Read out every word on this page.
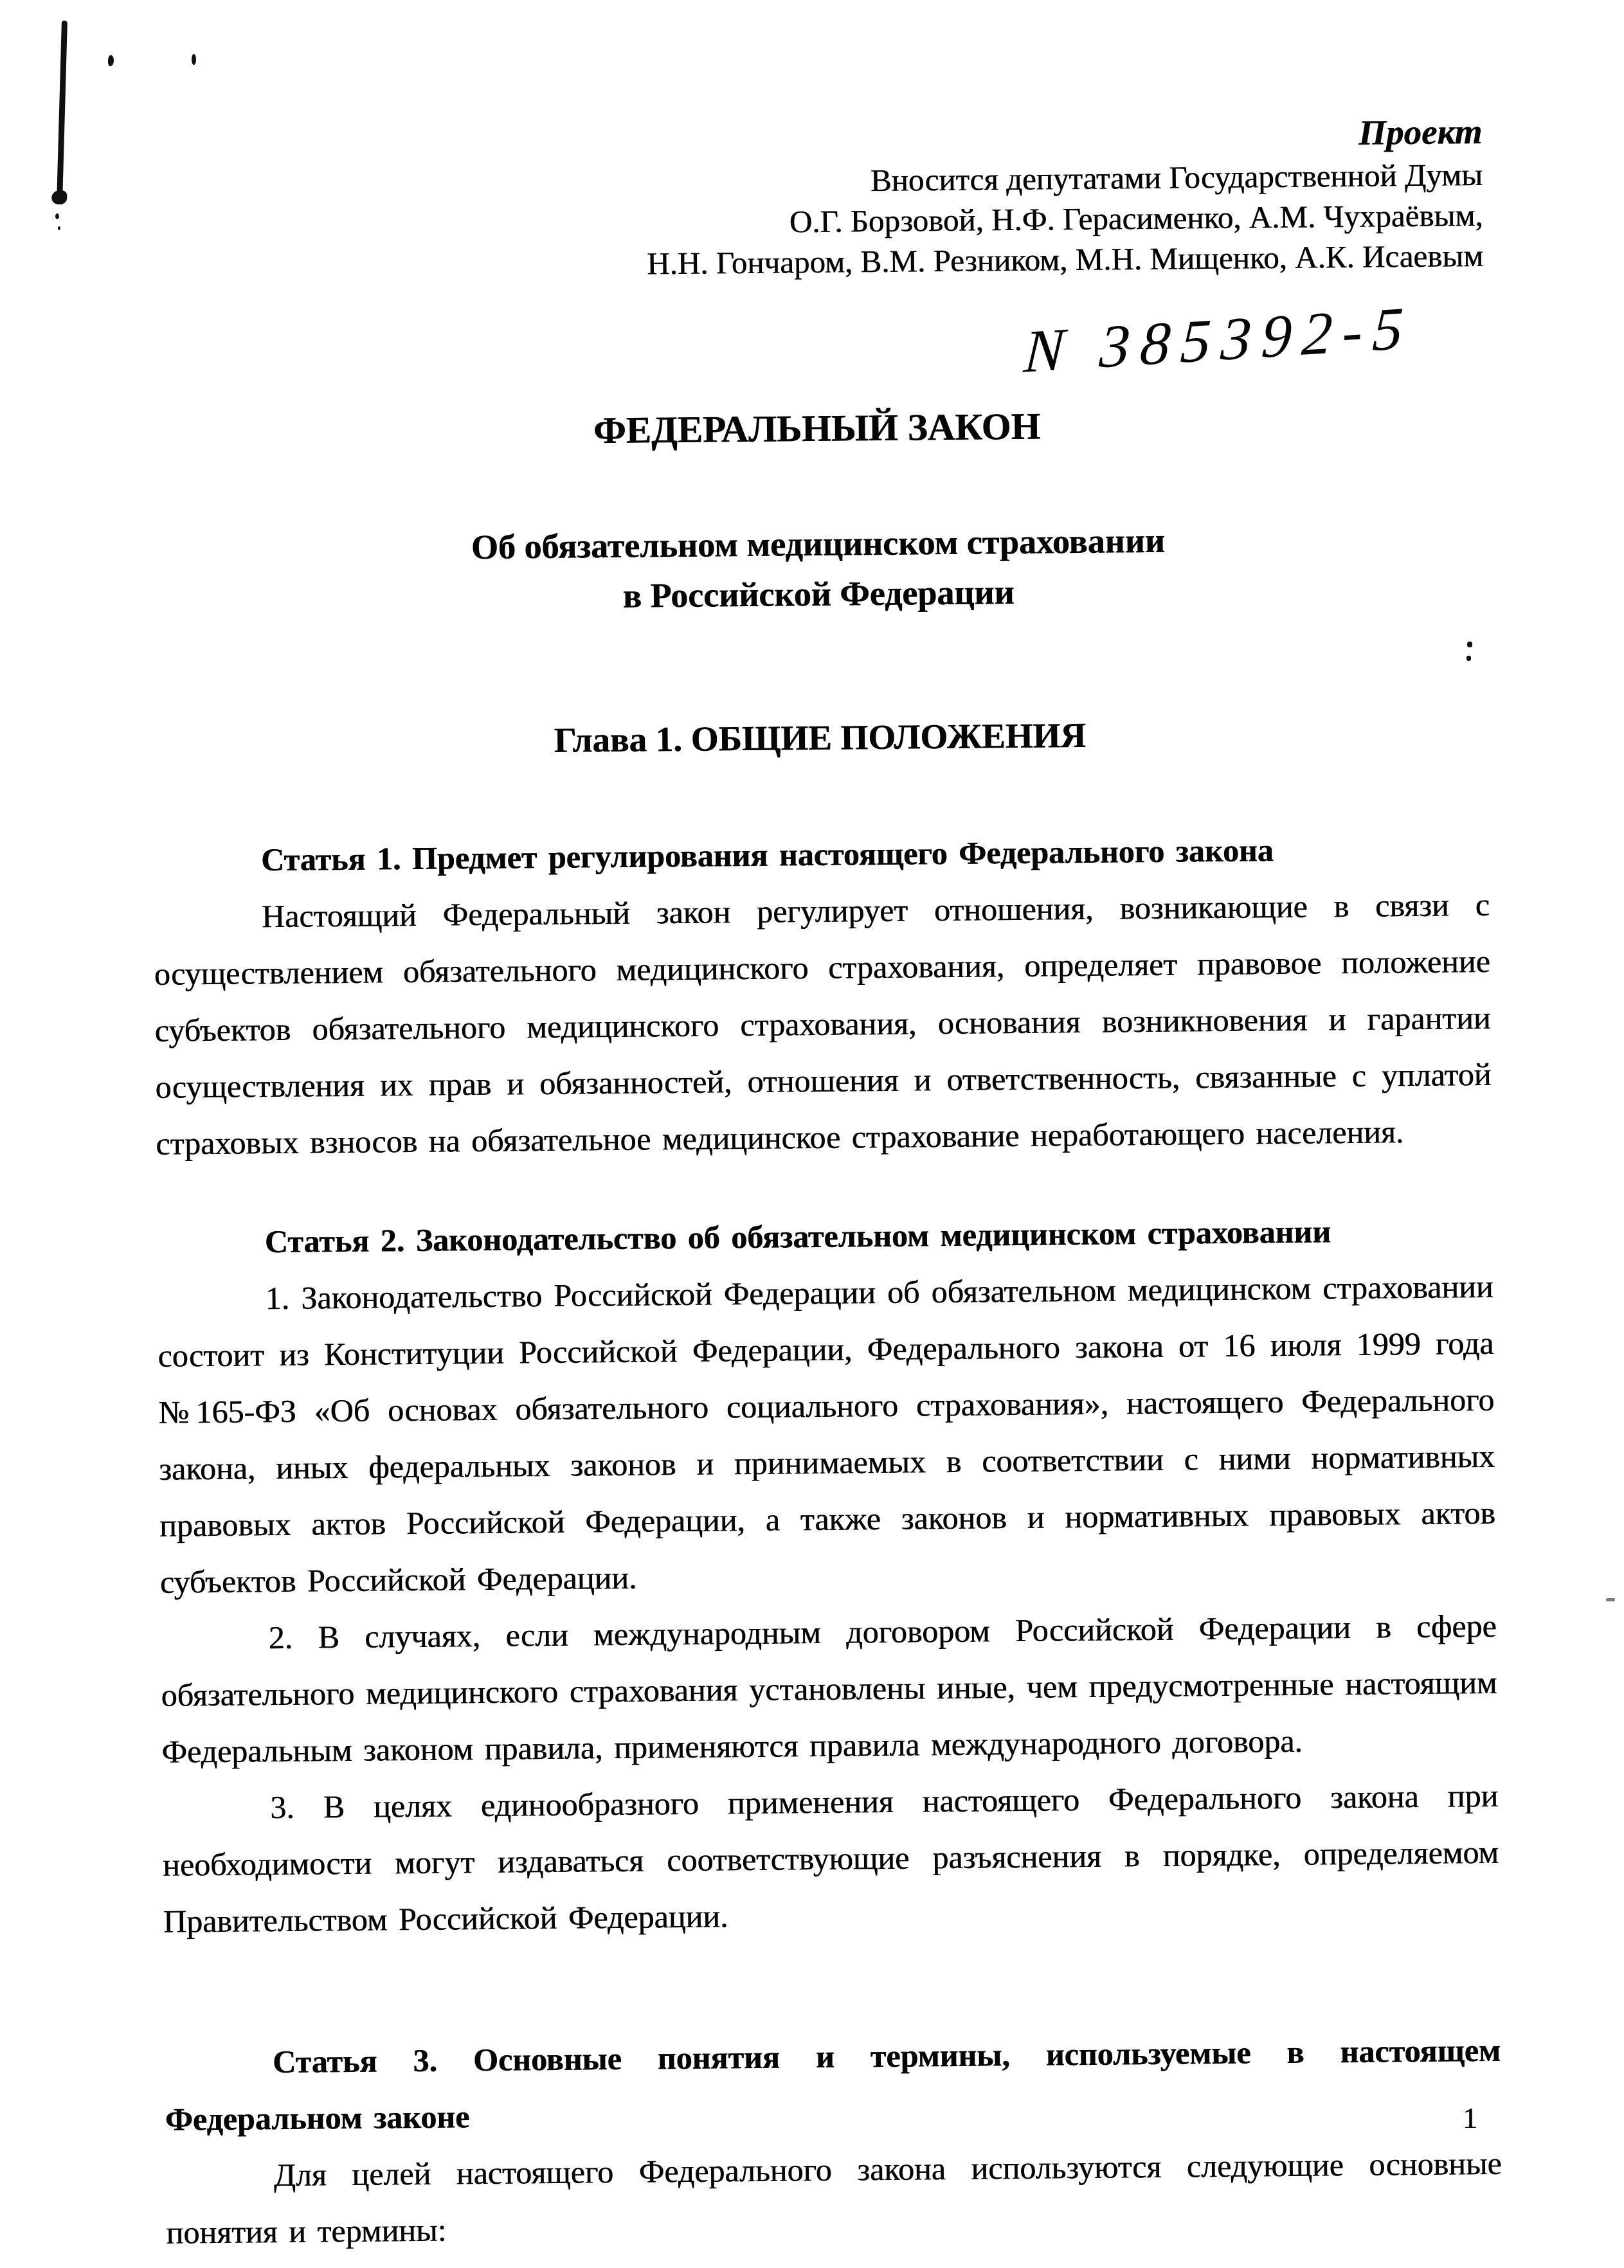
Проект
Вносится депутатами Государственной Думы
О.Г. Борзовой, Н.Ф. Герасименко, А.М. Чухраёвым,
Н.Н. Гончаром, В.М. Резником, М.Н. Мищенко, А.К. Исаевым
N 385392-5
ФЕДЕРАЛЬНЫЙ ЗАКОН
Об обязательном медицинском страховании
в Российской Федерации
Глава 1. ОБЩИЕ ПОЛОЖЕНИЯ

Статья 1. Предмет регулирования настоящего Федерального закона

Настоящий Федеральный закон регулирует отношения, возникающие в связи с осуществлением обязательного медицинского страхования, определяет правовое положение субъектов обязательного медицинского страхования, основания возникновения и гарантии осуществления их прав и обязанностей, отношения и ответственность, связанные с уплатой страховых взносов на обязательное медицинское страхование неработающего населения.

Статья 2. Законодательство об обязательном медицинском страховании

1. Законодательство Российской Федерации об обязательном медицинском страховании состоит из Конституции Российской Федерации, Федерального закона от 16 июля 1999 года №165-ФЗ «Об основах обязательного социального страхования», настоящего Федерального закона, иных федеральных законов и принимаемых в соответствии с ними нормативных правовых актов Российской Федерации, а также законов и нормативных правовых актов субъектов Российской Федерации.

2. В случаях, если международным договором Российской Федерации в сфере обязательного медицинского страхования установлены иные, чем предусмотренные настоящим Федеральным законом правила, применяются правила международного договора.

3. В целях единообразного применения настоящего Федерального закона при необходимости могут издаваться соответствующие разъяснения в порядке, определяемом Правительством Российской Федерации.

Статья 3. Основные понятия и термины, используемые в настоящем Федеральном законе

Для целей настоящего Федерального закона используются следующие основные понятия и термины:

1
